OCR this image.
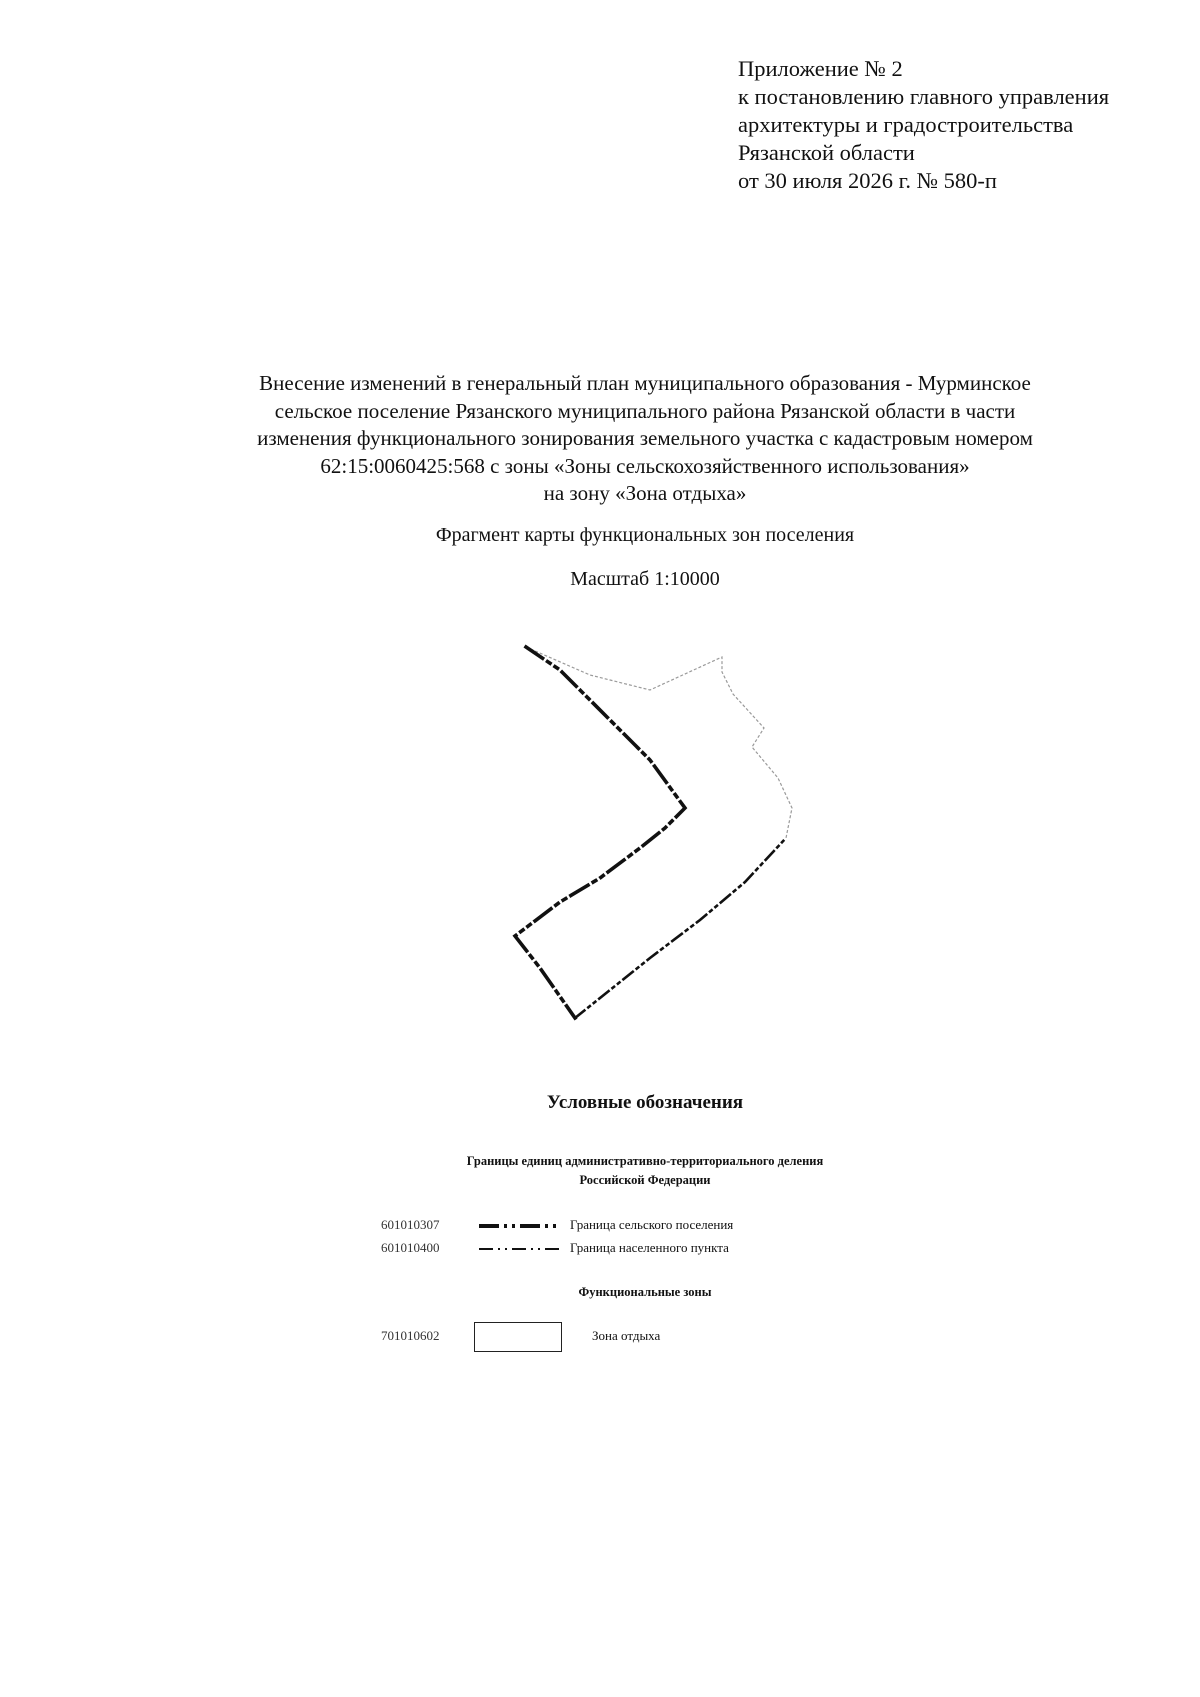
Приложение № 2
к постановлению главного управления
архитектуры и градостроительства
Рязанской области
от 30 июля 2026 г. № 580-п
Внесение изменений в генеральный план муниципального образования - Мурминское
сельское поселение Рязанского муниципального района Рязанской области в части
изменения функционального зонирования земельного участка с кадастровым номером
62:15:0060425:568 с зоны «Зоны сельскохозяйственного использования»
на зону «Зона отдыха»
Фрагмент карты функциональных зон поселения
Масштаб 1:10000
Условные обозначения
Границы единиц административно-территориального деления
Российской Федерации
601010307	Граница сельского поселения
601010400	Граница населенного пункта
Функциональные зоны
701010602	Зона отдыха
